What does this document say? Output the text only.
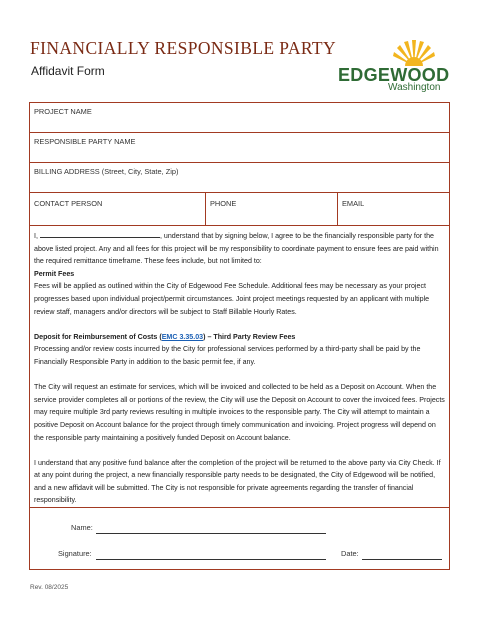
FINANCIALLY RESPONSIBLE PARTY
Affidavit Form	EDGEWOOD
Washington
PROJECT NAME
RESPONSIBLE PARTY NAME
BILLING ADDRESS (Street, City, State, Zip)
CONTACT PERSON	PHONE	EMAIL

I,	, understand that by signing below, I agree to be the financially responsible party for the above listed project. Any and all fees for this project will be my responsibility to coordinate payment to ensure fees are paid within the required remittance timeframe. These fees include, but not limited to:

Permit Fees

Fees will be applied as outlined within the City of Edgewood Fee Schedule. Additional fees may be necessary as your project progresses based upon individual project/permit circumstances. Joint project meetings requested by an applicant with multiple review staff, managers and/or directors will be subject to Staff Billable Hourly Rates.

Deposit for Reimbursement of Costs (EMC 3.35.03) – Third Party Review Fees

Processing and/or review costs incurred by the City for professional services performed by a third-party shall be paid by the Financially Responsible Party in addition to the basic permit fee, if any.

The City will request an estimate for services, which will be invoiced and collected to be held as a Deposit on Account. When the service provider completes all or portions of the review, the City will use the Deposit on Account to cover the invoiced fees. Projects may require multiple 3rd party reviews resulting in multiple invoices to the responsible party. The City will attempt to maintain a positive Deposit on Account balance for the project through timely communication and invoicing. Project progress will depend on the responsible party maintaining a positively funded Deposit on Account balance.

I understand that any positive fund balance after the completion of the project will be returned to the above party via City Check. If at any point during the project, a new financially responsible party needs to be designated, the City of Edgewood will be notified, and a new affidavit will be submitted. The City is not responsible for private agreements regarding the transfer of financial responsibility.

Name:
Signature:	Date:
Rev. 08/2025
